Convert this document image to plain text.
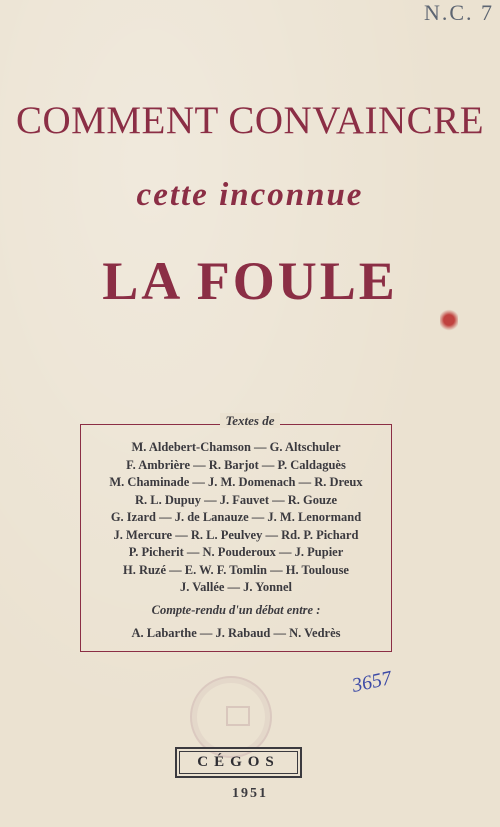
N.C. 7
COMMENT CONVAINCRE
cette inconnue
LA FOULE
Textes de
M. Aldebert-Chamson — G. Altschuler
F. Ambrière — R. Barjot — P. Caldaguès
M. Chaminade — J. M. Domenach — R. Dreux
R. L. Dupuy — J. Fauvet — R. Gouze
G. Izard — J. de Lanauze — J. M. Lenormand
J. Mercure — R. L. Peulvey — Rd. P. Pichard
P. Picherit — N. Pouderoux — J. Pupier
H. Ruzé — E. W. F. Tomlin — H. Toulouse
J. Vallée — J. Yonnel
Compte-rendu d'un débat entre :
A. Labarthe — J. Rabaud — N. Vedrès
3657
CÉGOS
1951
